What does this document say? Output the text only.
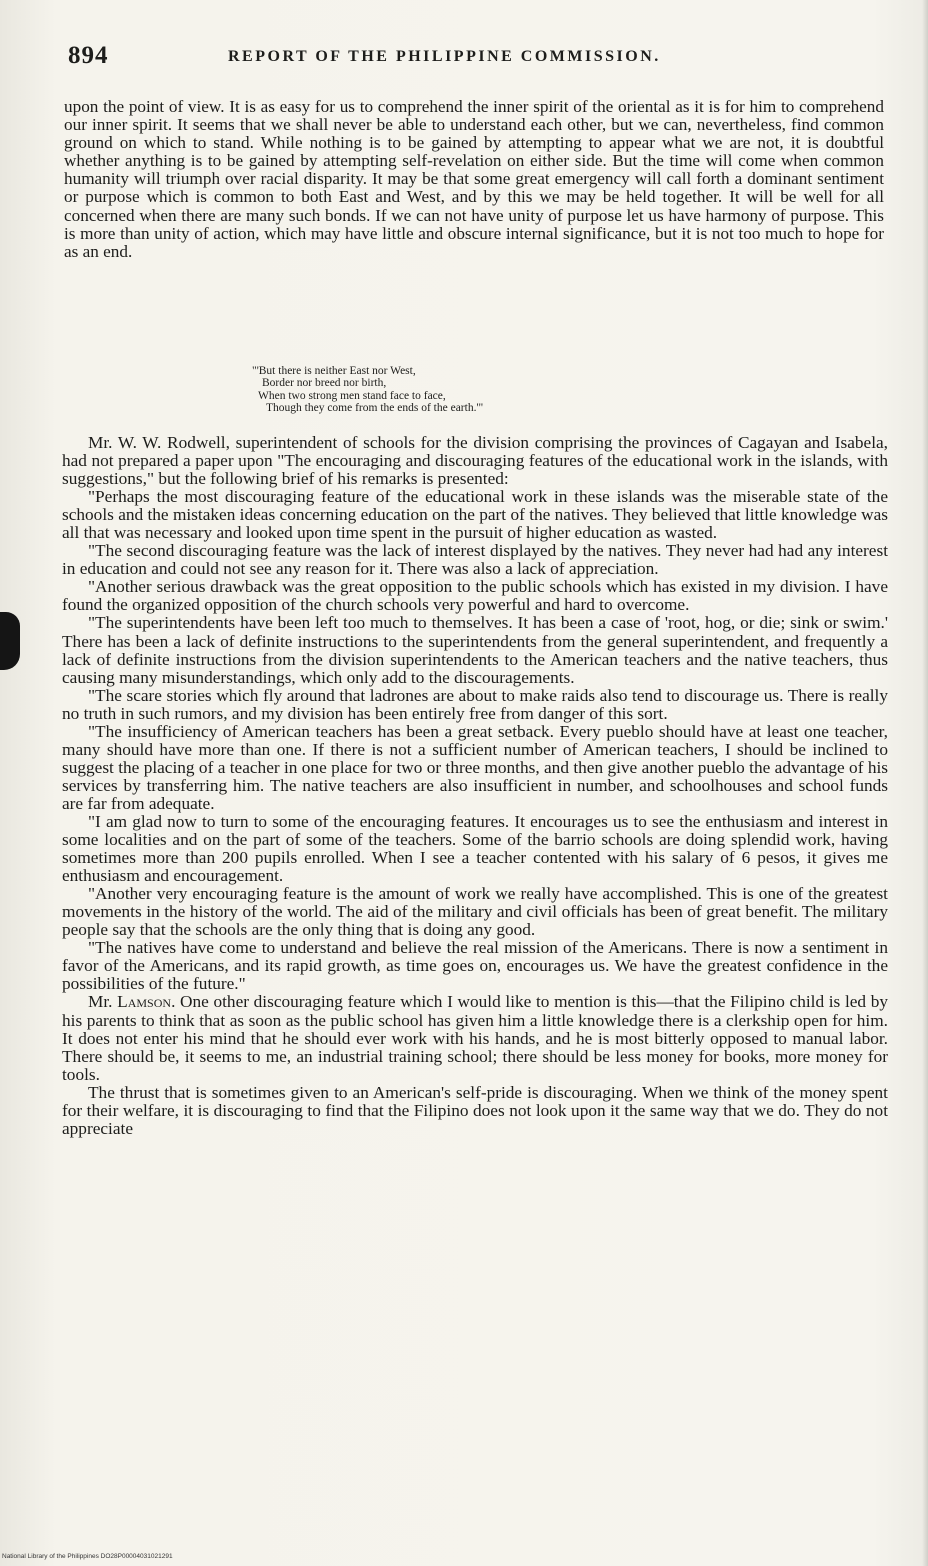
894	REPORT OF THE PHILIPPINE COMMISSION.

upon the point of view. It is as easy for us to comprehend the inner spirit of the oriental as it is for him to comprehend our inner spirit. It seems that we shall never be able to understand each other, but we can, nevertheless, find common ground on which to stand. While nothing is to be gained by attempting to appear what we are not, it is doubtful whether anything is to be gained by attempting self-revelation on either side. But the time will come when common humanity will triumph over racial disparity. It may be that some great emergency will call forth a dominant sentiment or purpose which is common to both East and West, and by this we may be held together. It will be well for all concerned when there are many such bonds. If we can not have unity of purpose let us have harmony of purpose. This is more than unity of action, which may have little and obscure internal significance, but it is not too much to hope for as an end.

"'But there is neither East nor West,
Border nor breed nor birth,
When two strong men stand face to face,
Though they come from the ends of the earth.'"

Mr. W. W. Rodwell, superintendent of schools for the division comprising the provinces of Cagayan and Isabela, had not prepared a paper upon "The encouraging and discouraging features of the educational work in the islands, with suggestions," but the following brief of his remarks is presented:

"Perhaps the most discouraging feature of the educational work in these islands was the miserable state of the schools and the mistaken ideas concerning education on the part of the natives. They believed that little knowledge was all that was necessary and looked upon time spent in the pursuit of higher education as wasted.

"The second discouraging feature was the lack of interest displayed by the natives. They never had had any interest in education and could not see any reason for it. There was also a lack of appreciation.

"Another serious drawback was the great opposition to the public schools which has existed in my division. I have found the organized opposition of the church schools very powerful and hard to overcome.

"The superintendents have been left too much to themselves. It has been a case of 'root, hog, or die; sink or swim.' There has been a lack of definite instructions to the superintendents from the general superintendent, and frequently a lack of definite instructions from the division superintendents to the American teachers and the native teachers, thus causing many misunderstandings, which only add to the discouragements.

"The scare stories which fly around that ladrones are about to make raids also tend to discourage us. There is really no truth in such rumors, and my division has been entirely free from danger of this sort.

"The insufficiency of American teachers has been a great setback. Every pueblo should have at least one teacher, many should have more than one. If there is not a sufficient number of American teachers, I should be inclined to suggest the placing of a teacher in one place for two or three months, and then give another pueblo the advantage of his services by transferring him. The native teachers are also insufficient in number, and schoolhouses and school funds are far from adequate.

"I am glad now to turn to some of the encouraging features. It encourages us to see the enthusiasm and interest in some localities and on the part of some of the teachers. Some of the barrio schools are doing splendid work, having sometimes more than 200 pupils enrolled. When I see a teacher contented with his salary of 6 pesos, it gives me enthusiasm and encouragement.

"Another very encouraging feature is the amount of work we really have accomplished. This is one of the greatest movements in the history of the world. The aid of the military and civil officials has been of great benefit. The military people say that the schools are the only thing that is doing any good.

"The natives have come to understand and believe the real mission of the Americans. There is now a sentiment in favor of the Americans, and its rapid growth, as time goes on, encourages us. We have the greatest confidence in the possibilities of the future."

Mr. Lamson. One other discouraging feature which I would like to mention is this—that the Filipino child is led by his parents to think that as soon as the public school has given him a little knowledge there is a clerkship open for him. It does not enter his mind that he should ever work with his hands, and he is most bitterly opposed to manual labor. There should be, it seems to me, an industrial training school; there should be less money for books, more money for tools.

The thrust that is sometimes given to an American's self-pride is discouraging. When we think of the money spent for their welfare, it is discouraging to find that the Filipino does not look upon it the same way that we do. They do not appreciate

National Library of the Philippines DO28P00004031021291
